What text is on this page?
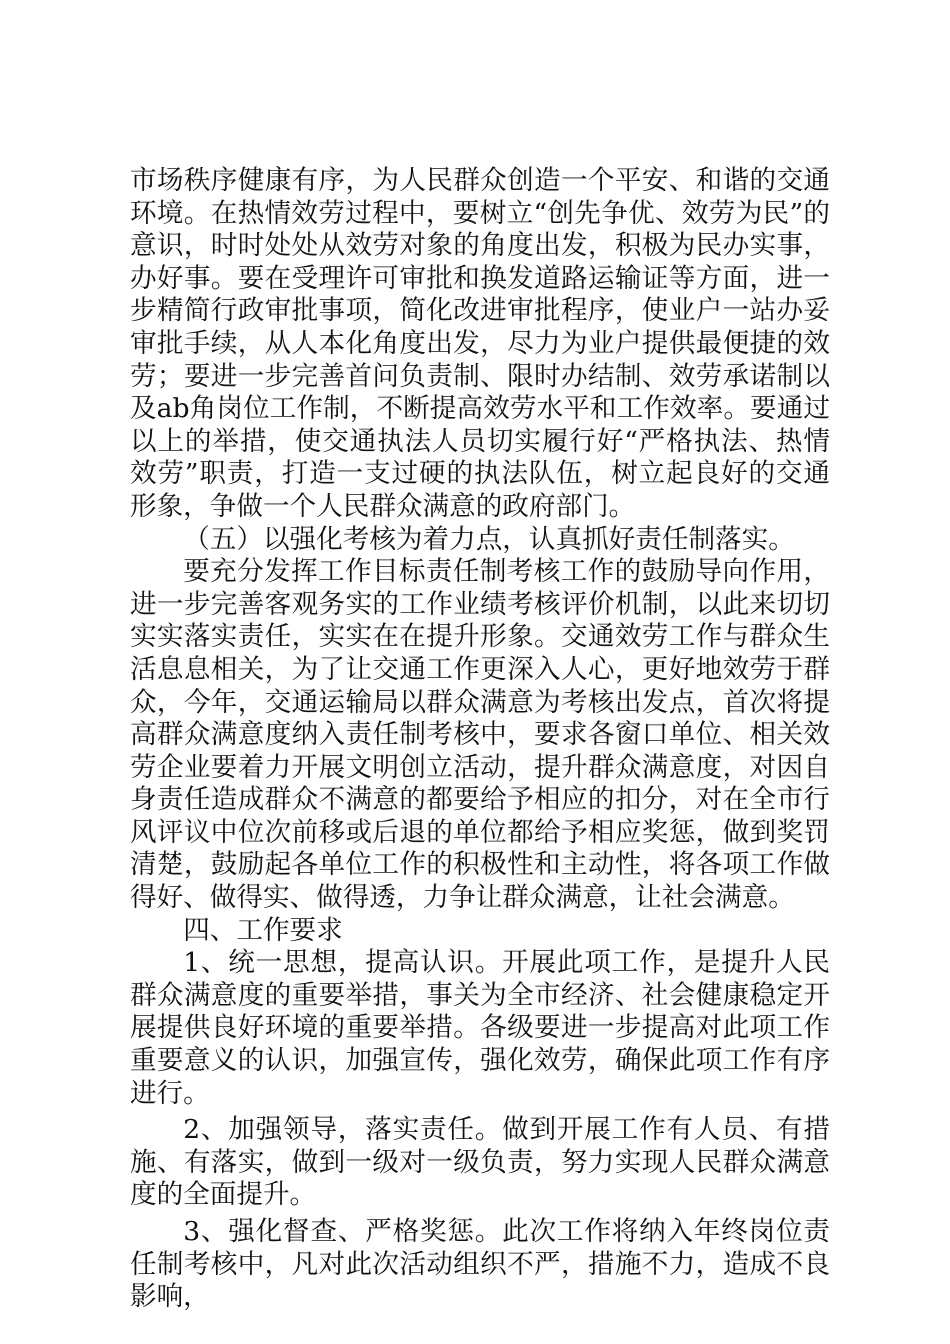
市场秩序健康有序，为人民群众创造一个平安、和谐的交通环境。在热情效劳过程中，要树立“创先争优、效劳为民”的意识，时时处处从效劳对象的角度出发，积极为民办实事，办好事。要在受理许可审批和换发道路运输证等方面，进一步精简行政审批事项，简化改进审批程序，使业户一站办妥审批手续，从人本化角度出发，尽力为业户提供最便捷的效劳；要进一步完善首问负责制、限时办结制、效劳承诺制以及ab角岗位工作制，不断提高效劳水平和工作效率。要通过以上的举措，使交通执法人员切实履行好“严格执法、热情效劳”职责，打造一支过硬的执法队伍，树立起良好的交通形象，争做一个人民群众满意的政府部门。

（五）以强化考核为着力点，认真抓好责任制落实。

要充分发挥工作目标责任制考核工作的鼓励导向作用，进一步完善客观务实的工作业绩考核评价机制，以此来切切实实落实责任，实实在在提升形象。交通效劳工作与群众生活息息相关，为了让交通工作更深入人心，更好地效劳于群众，今年，交通运输局以群众满意为考核出发点，首次将提高群众满意度纳入责任制考核中，要求各窗口单位、相关效劳企业要着力开展文明创立活动，提升群众满意度，对因自身责任造成群众不满意的都要给予相应的扣分，对在全市行风评议中位次前移或后退的单位都给予相应奖惩，做到奖罚清楚，鼓励起各单位工作的积极性和主动性，将各项工作做得好、做得实、做得透，力争让群众满意，让社会满意。

四、工作要求

1、统一思想，提高认识。开展此项工作，是提升人民群众满意度的重要举措，事关为全市经济、社会健康稳定开展提供良好环境的重要举措。各级要进一步提高对此项工作重要意义的认识，加强宣传，强化效劳，确保此项工作有序进行。

2、加强领导，落实责任。做到开展工作有人员、有措施、有落实，做到一级对一级负责，努力实现人民群众满意度的全面提升。

3、强化督查、严格奖惩。此次工作将纳入年终岗位责任制考核中，凡对此次活动组织不严，措施不力，造成不良影响，
